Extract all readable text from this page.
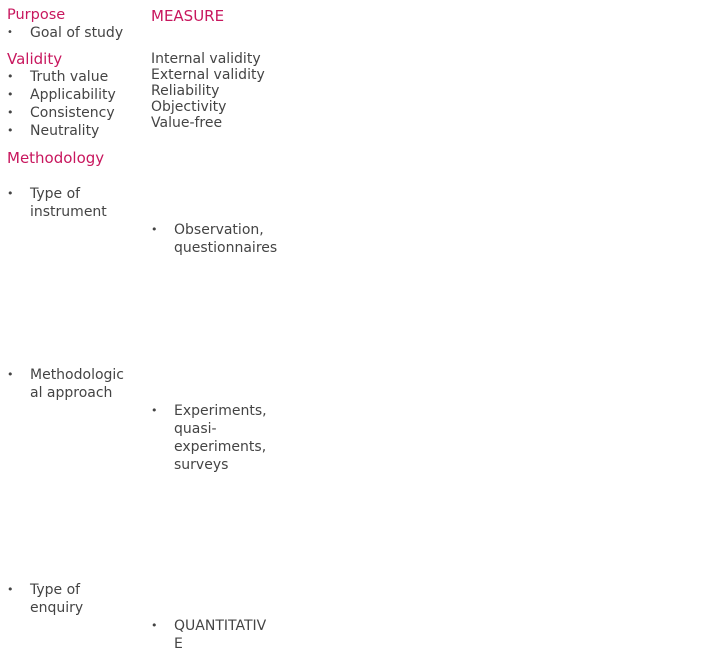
Purpose
• Goal of study
MEASURE
Validity
• Truth value
• Applicability
• Consistency
• Neutrality
Internal validity
External validity
Reliability
Objectivity
Value-free
Methodology
• Type of
instrument
• Observation,
questionnaires
• Methodologic
al approach
• Experiments,
quasi-
experiments,
surveys
• Type of
enquiry
• QUANTITATIV
E
